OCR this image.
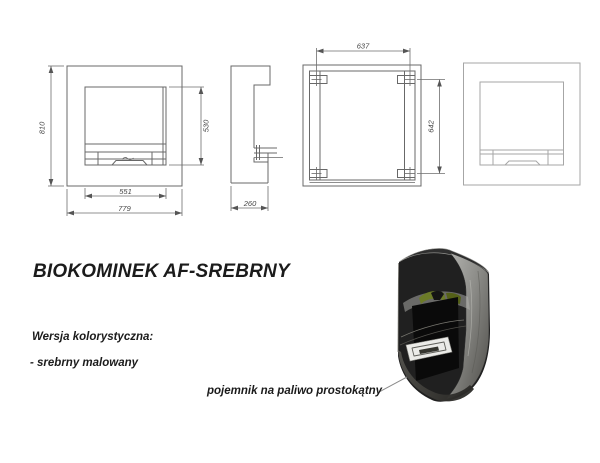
810	530
551
779
260
637
642
BIOKOMINEK AF-SREBRNY
Wersja kolorystyczna:
- srebrny malowany
pojemnik na paliwo prostokątny
